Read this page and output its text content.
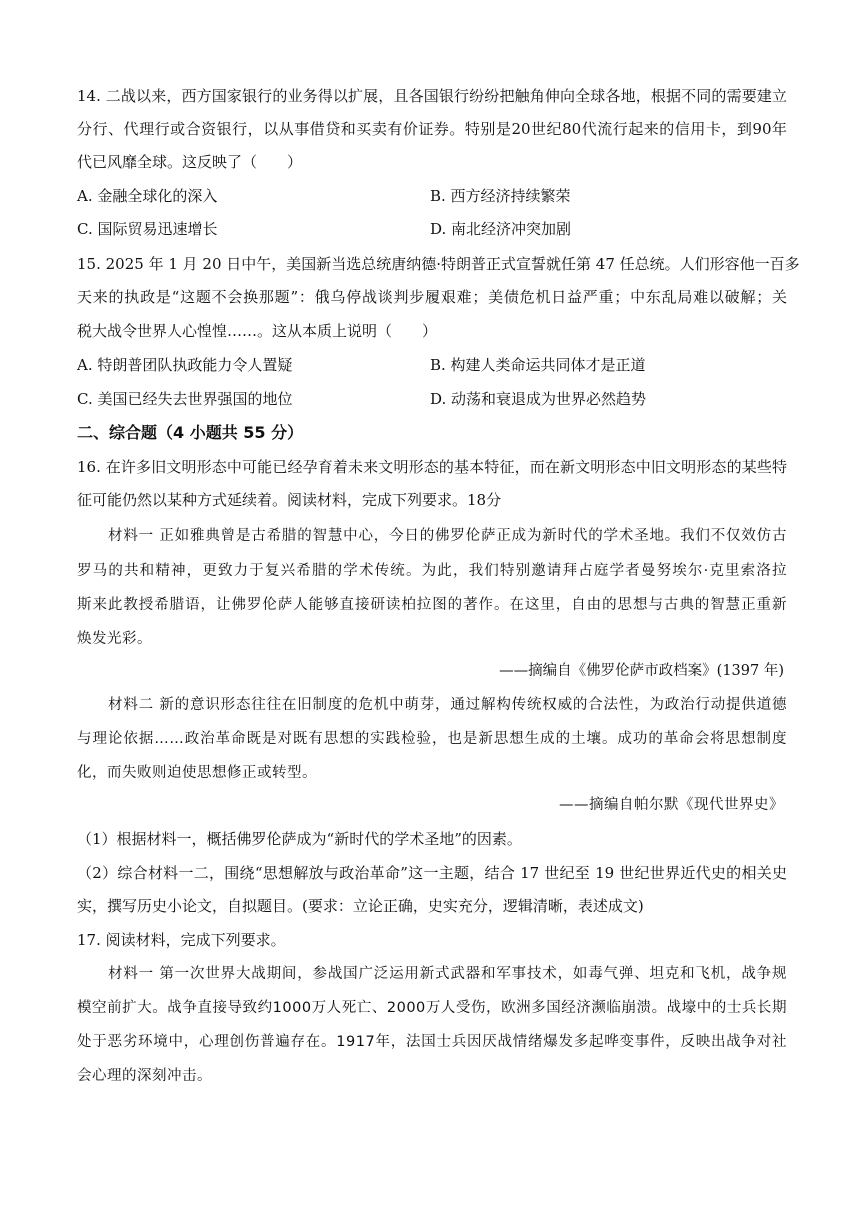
14. 二战以来，西方国家银行的业务得以扩展，且各国银行纷纷把触角伸向全球各地，根据不同的需要建立
分行、代理行或合资银行，以从事借贷和买卖有价证券。特别是20世纪80代流行起来的信用卡，到90年
代已风靡全球。这反映了（　　）
A. 金融全球化的深入	B. 西方经济持续繁荣
C. 国际贸易迅速增长	D. 南北经济冲突加剧
15. 2025 年 1 月 20 日中午，美国新当选总统唐纳德·特朗普正式宣誓就任第 47 任总统。人们形容他一百多
天来的执政是“这题不会换那题”：俄乌停战谈判步履艰难；美债危机日益严重；中东乱局难以破解；关
税大战令世界人心惶惶……。这从本质上说明（　　）
A. 特朗普团队执政能力令人置疑	B. 构建人类命运共同体才是正道
C. 美国已经失去世界强国的地位	D. 动荡和衰退成为世界必然趋势
二、综合题（4 小题共 55 分）
16. 在许多旧文明形态中可能已经孕育着未来文明形态的基本特征，而在新文明形态中旧文明形态的某些特
征可能仍然以某种方式延续着。阅读材料，完成下列要求。18分
材料一 正如雅典曾是古希腊的智慧中心，今日的佛罗伦萨正成为新时代的学术圣地。我们不仅效仿古
罗马的共和精神，更致力于复兴希腊的学术传统。为此，我们特别邀请拜占庭学者曼努埃尔·克里索洛拉
斯来此教授希腊语，让佛罗伦萨人能够直接研读柏拉图的著作。在这里，自由的思想与古典的智慧正重新
焕发光彩。
——摘编自《佛罗伦萨市政档案》(1397 年)
材料二 新的意识形态往往在旧制度的危机中萌芽，通过解构传统权威的合法性，为政治行动提供道德
与理论依据……政治革命既是对既有思想的实践检验，也是新思想生成的土壤。成功的革命会将思想制度
化，而失败则迫使思想修正或转型。
——摘编自帕尔默《现代世界史》
（1）根据材料一，概括佛罗伦萨成为“新时代的学术圣地”的因素。
（2）综合材料一二，围绕“思想解放与政治革命”这一主题，结合 17 世纪至 19 世纪世界近代史的相关史
实，撰写历史小论文，自拟题目。(要求：立论正确，史实充分，逻辑清晰，表述成文)
17. 阅读材料，完成下列要求。
材料一 第一次世界大战期间，参战国广泛运用新式武器和军事技术，如毒气弹、坦克和飞机，战争规
模空前扩大。战争直接导致约1000万人死亡、2000万人受伤，欧洲多国经济濒临崩溃。战壕中的士兵长期
处于恶劣环境中，心理创伤普遍存在。1917年，法国士兵因厌战情绪爆发多起哗变事件，反映出战争对社
会心理的深刻冲击。
